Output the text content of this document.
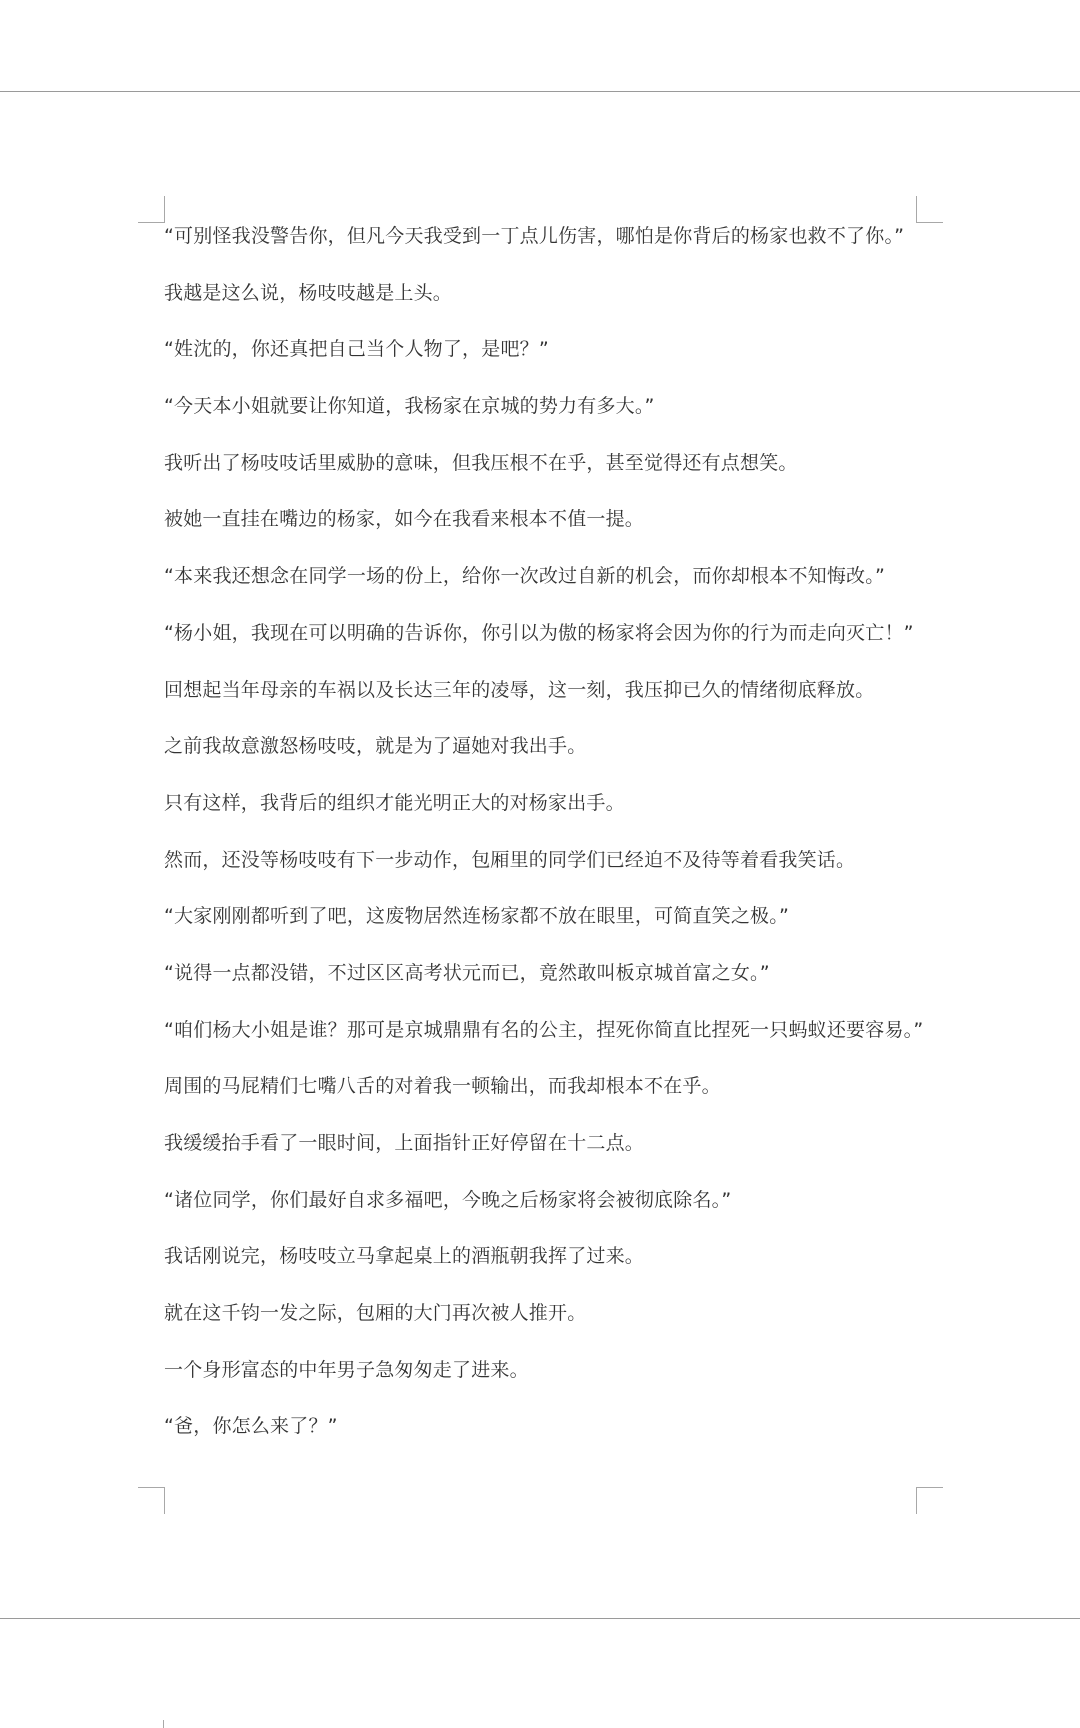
“可别怪我没警告你，但凡今天我受到一丁点儿伤害，哪怕是你背后的杨家也救不了你。”

我越是这么说，杨吱吱越是上头。

“姓沈的，你还真把自己当个人物了，是吧？”

“今天本小姐就要让你知道，我杨家在京城的势力有多大。”

我听出了杨吱吱话里威胁的意味，但我压根不在乎，甚至觉得还有点想笑。

被她一直挂在嘴边的杨家，如今在我看来根本不值一提。

“本来我还想念在同学一场的份上，给你一次改过自新的机会，而你却根本不知悔改。”

“杨小姐，我现在可以明确的告诉你，你引以为傲的杨家将会因为你的行为而走向灭亡！”

回想起当年母亲的车祸以及长达三年的凌辱，这一刻，我压抑已久的情绪彻底释放。

之前我故意激怒杨吱吱，就是为了逼她对我出手。

只有这样，我背后的组织才能光明正大的对杨家出手。

然而，还没等杨吱吱有下一步动作，包厢里的同学们已经迫不及待等着看我笑话。

“大家刚刚都听到了吧，这废物居然连杨家都不放在眼里，可简直笑之极。”

“说得一点都没错，不过区区高考状元而已，竟然敢叫板京城首富之女。”

“咱们杨大小姐是谁？那可是京城鼎鼎有名的公主，捏死你简直比捏死一只蚂蚁还要容易。”

周围的马屁精们七嘴八舌的对着我一顿输出，而我却根本不在乎。

我缓缓抬手看了一眼时间，上面指针正好停留在十二点。

“诸位同学，你们最好自求多福吧，今晚之后杨家将会被彻底除名。”

我话刚说完，杨吱吱立马拿起桌上的酒瓶朝我挥了过来。

就在这千钧一发之际，包厢的大门再次被人推开。

一个身形富态的中年男子急匆匆走了进来。

“爸，你怎么来了？”
